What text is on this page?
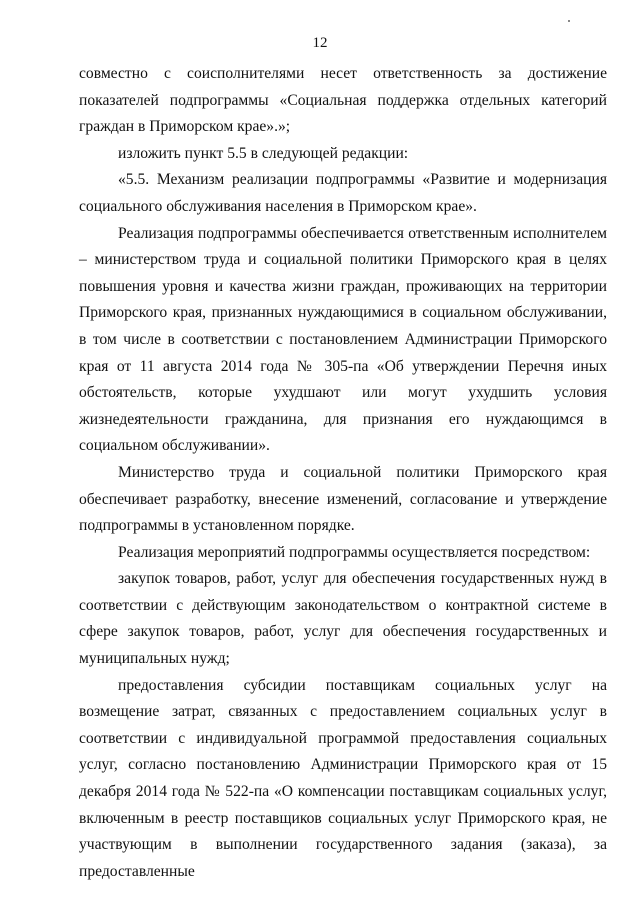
12

совместно с соисполнителями несет ответственность за достижение показателей подпрограммы «Социальная поддержка отдельных категорий граждан в Приморском крае».»;

изложить пункт 5.5 в следующей редакции:

«5.5. Механизм реализации подпрограммы «Развитие и модернизация социального обслуживания населения в Приморском крае».

Реализация подпрограммы обеспечивается ответственным исполнителем – министерством труда и социальной политики Приморского края в целях повышения уровня и качества жизни граждан, проживающих на территории Приморского края, признанных нуждающимися в социальном обслуживании, в том числе в соответствии с постановлением Администрации Приморского края от 11 августа 2014 года № 305-па «Об утверждении Перечня иных обстоятельств, которые ухудшают или могут ухудшить условия жизнедеятельности гражданина, для признания его нуждающимся в социальном обслуживании».

Министерство труда и социальной политики Приморского края обеспечивает разработку, внесение изменений, согласование и утверждение подпрограммы в установленном порядке.

Реализация мероприятий подпрограммы осуществляется посредством:

закупок товаров, работ, услуг для обеспечения государственных нужд в соответствии с действующим законодательством о контрактной системе в сфере закупок товаров, работ, услуг для обеспечения государственных и муниципальных нужд;

предоставления субсидии поставщикам социальных услуг на возмещение затрат, связанных с предоставлением социальных услуг в соответствии с индивидуальной программой предоставления социальных услуг, согласно постановлению Администрации Приморского края от 15 декабря 2014 года № 522-па «О компенсации поставщикам социальных услуг, включенным в реестр поставщиков социальных услуг Приморского края, не участвующим в выполнении государственного задания (заказа), за предоставленные
